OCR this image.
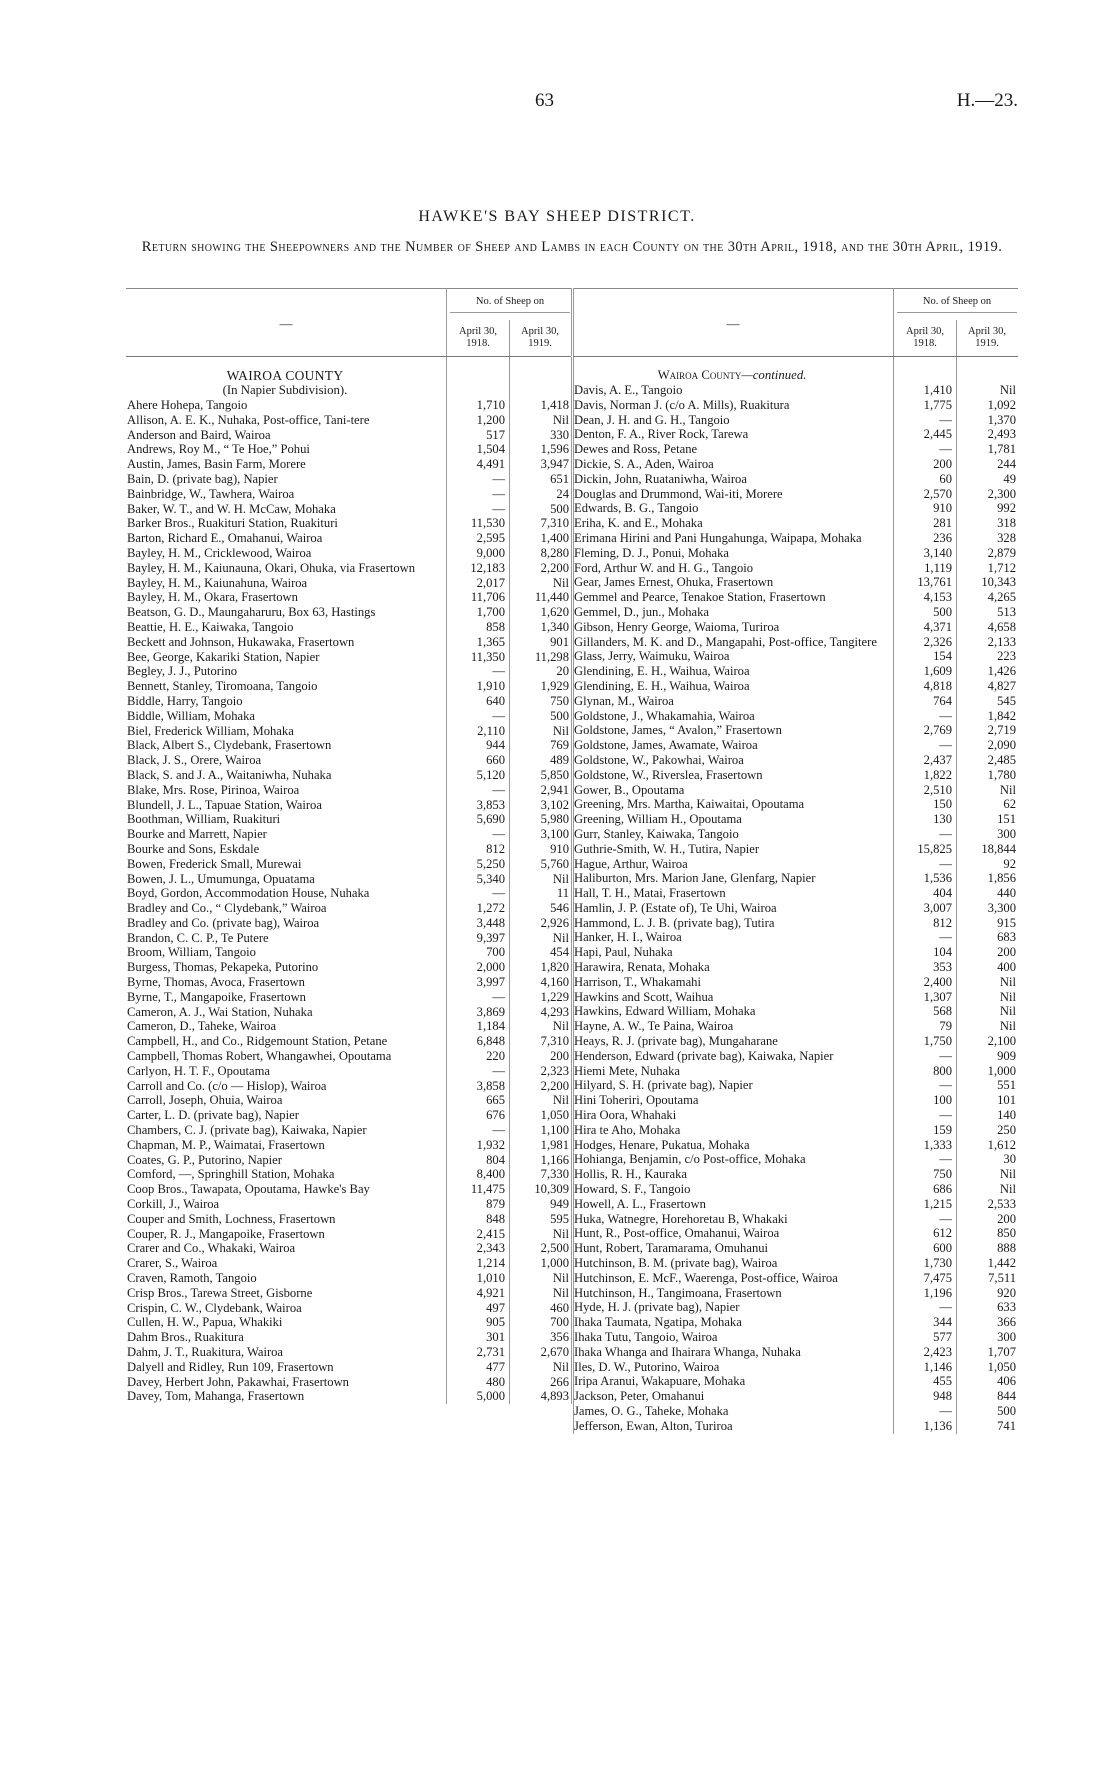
63	H.—23.
HAWKE'S BAY SHEEP DISTRICT.
Return showing the Sheepowners and the Number of Sheep and Lambs in each County on the 30th April, 1918, and the 30th April, 1919.
—
No. of Sheep on
April 30, 1918.
April 30, 1919.
WAIROA COUNTY
(In Napier Subdivision).
Ahere Hohepa, Tangoio	1,710	1,418
Allison, A. E. K., Nuhaka, Post-office, Tani-tere	1,200	Nil
Anderson and Baird, Wairoa	517	330
Andrews, Roy M., “ Te Hoe,” Pohui	1,504	1,596
Austin, James, Basin Farm, Morere	4,491	3,947
Bain, D. (private bag), Napier	—	651
Bainbridge, W., Tawhera, Wairoa	—	24
Baker, W. T., and W. H. McCaw, Mohaka	—	500
Barker Bros., Ruakituri Station, Ruakituri	11,530	7,310
Barton, Richard E., Omahanui, Wairoa	2,595	1,400
Bayley, H. M., Cricklewood, Wairoa	9,000	8,280
Bayley, H. M., Kaiunauna, Okari, Ohuka, via Frasertown	12,183	2,200
Bayley, H. M., Kaiunahuna, Wairoa	2,017	Nil
Bayley, H. M., Okara, Frasertown	11,706	11,440
Beatson, G. D., Maungaharuru, Box 63, Hastings	1,700	1,620
Beattie, H. E., Kaiwaka, Tangoio	858	1,340
Beckett and Johnson, Hukawaka, Frasertown	1,365	901
Bee, George, Kakariki Station, Napier	11,350	11,298
Begley, J. J., Putorino	—	20
Bennett, Stanley, Tiromoana, Tangoio	1,910	1,929
Biddle, Harry, Tangoio	640	750
Biddle, William, Mohaka	—	500
Biel, Frederick William, Mohaka	2,110	Nil
Black, Albert S., Clydebank, Frasertown	944	769
Black, J. S., Orere, Wairoa	660	489
Black, S. and J. A., Waitaniwha, Nuhaka	5,120	5,850
Blake, Mrs. Rose, Pirinoa, Wairoa	—	2,941
Blundell, J. L., Tapuae Station, Wairoa	3,853	3,102
Boothman, William, Ruakituri	5,690	5,980
Bourke and Marrett, Napier	—	3,100
Bourke and Sons, Eskdale	812	910
Bowen, Frederick Small, Murewai	5,250	5,760
Bowen, J. L., Umumunga, Opuatama	5,340	Nil
Boyd, Gordon, Accommodation House, Nuhaka	—	11
Bradley and Co., “ Clydebank,” Wairoa	1,272	546
Bradley and Co. (private bag), Wairoa	3,448	2,926
Brandon, C. C. P., Te Putere	9,397	Nil
Broom, William, Tangoio	700	454
Burgess, Thomas, Pekapeka, Putorino	2,000	1,820
Byrne, Thomas, Avoca, Frasertown	3,997	4,160
Byrne, T., Mangapoike, Frasertown	—	1,229
Cameron, A. J., Wai Station, Nuhaka	3,869	4,293
Cameron, D., Taheke, Wairoa	1,184	Nil
Campbell, H., and Co., Ridgemount Station, Petane	6,848	7,310
Campbell, Thomas Robert, Whangawhei, Opoutama	220	200
Carlyon, H. T. F., Opoutama	—	2,323
Carroll and Co. (c/o — Hislop), Wairoa	3,858	2,200
Carroll, Joseph, Ohuia, Wairoa	665	Nil
Carter, L. D. (private bag), Napier	676	1,050
Chambers, C. J. (private bag), Kaiwaka, Napier	—	1,100
Chapman, M. P., Waimatai, Frasertown	1,932	1,981
Coates, G. P., Putorino, Napier	804	1,166
Comford, —, Springhill Station, Mohaka	8,400	7,330
Coop Bros., Tawapata, Opoutama, Hawke's Bay	11,475	10,309
Corkill, J., Wairoa	879	949
Couper and Smith, Lochness, Frasertown	848	595
Couper, R. J., Mangapoike, Frasertown	2,415	Nil
Crarer and Co., Whakaki, Wairoa	2,343	2,500
Crarer, S., Wairoa	1,214	1,000
Craven, Ramoth, Tangoio	1,010	Nil
Crisp Bros., Tarewa Street, Gisborne	4,921	Nil
Crispin, C. W., Clydebank, Wairoa	497	460
Cullen, H. W., Papua, Whakiki	905	700
Dahm Bros., Ruakitura	301	356
Dahm, J. T., Ruakitura, Wairoa	2,731	2,670
Dalyell and Ridley, Run 109, Frasertown	477	Nil
Davey, Herbert John, Pakawhai, Frasertown	480	266
Davey, Tom, Mahanga, Frasertown	5,000	4,893
—
No. of Sheep on
April 30, 1918.
April 30, 1919.
Wairoa County—continued.
Davis, A. E., Tangoio	1,410	Nil
Davis, Norman J. (c/o A. Mills), Ruakitura	1,775	1,092
Dean, J. H. and G. H., Tangoio	—	1,370
Denton, F. A., River Rock, Tarewa	2,445	2,493
Dewes and Ross, Petane	—	1,781
Dickie, S. A., Aden, Wairoa	200	244
Dickin, John, Ruataniwha, Wairoa	60	49
Douglas and Drummond, Wai-iti, Morere	2,570	2,300
Edwards, B. G., Tangoio	910	992
Eriha, K. and E., Mohaka	281	318
Erimana Hirini and Pani Hungahunga, Waipapa, Mohaka	236	328
Fleming, D. J., Ponui, Mohaka	3,140	2,879
Ford, Arthur W. and H. G., Tangoio	1,119	1,712
Gear, James Ernest, Ohuka, Frasertown	13,761	10,343
Gemmel and Pearce, Tenakoe Station, Frasertown	4,153	4,265
Gemmel, D., jun., Mohaka	500	513
Gibson, Henry George, Waioma, Turiroa	4,371	4,658
Gillanders, M. K. and D., Mangapahi, Post-office, Tangitere	2,326	2,133
Glass, Jerry, Waimuku, Wairoa	154	223
Glendining, E. H., Waihua, Wairoa	1,609	1,426
Glendining, E. H., Waihua, Wairoa	4,818	4,827
Glynan, M., Wairoa	764	545
Goldstone, J., Whakamahia, Wairoa	—	1,842
Goldstone, James, “ Avalon,” Frasertown	2,769	2,719
Goldstone, James, Awamate, Wairoa	—	2,090
Goldstone, W., Pakowhai, Wairoa	2,437	2,485
Goldstone, W., Riverslea, Frasertown	1,822	1,780
Gower, B., Opoutama	2,510	Nil
Greening, Mrs. Martha, Kaiwaitai, Opoutama	150	62
Greening, William H., Opoutama	130	151
Gurr, Stanley, Kaiwaka, Tangoio	—	300
Guthrie-Smith, W. H., Tutira, Napier	15,825	18,844
Hague, Arthur, Wairoa	—	92
Haliburton, Mrs. Marion Jane, Glenfarg, Napier	1,536	1,856
Hall, T. H., Matai, Frasertown	404	440
Hamlin, J. P. (Estate of), Te Uhi, Wairoa	3,007	3,300
Hammond, L. J. B. (private bag), Tutira	812	915
Hanker, H. I., Wairoa	—	683
Hapi, Paul, Nuhaka	104	200
Harawira, Renata, Mohaka	353	400
Harrison, T., Whakamahi	2,400	Nil
Hawkins and Scott, Waihua	1,307	Nil
Hawkins, Edward William, Mohaka	568	Nil
Hayne, A. W., Te Paina, Wairoa	79	Nil
Heays, R. J. (private bag), Mungaharane	1,750	2,100
Henderson, Edward (private bag), Kaiwaka, Napier	—	909
Hiemi Mete, Nuhaka	800	1,000
Hilyard, S. H. (private bag), Napier	—	551
Hini Toheriri, Opoutama	100	101
Hira Oora, Whahaki	—	140
Hira te Aho, Mohaka	159	250
Hodges, Henare, Pukatua, Mohaka	1,333	1,612
Hohianga, Benjamin, c/o Post-office, Mohaka	—	30
Hollis, R. H., Kauraka	750	Nil
Howard, S. F., Tangoio	686	Nil
Howell, A. L., Frasertown	1,215	2,533
Huka, Watnegre, Horehoretau B, Whakaki	—	200
Hunt, R., Post-office, Omahanui, Wairoa	612	850
Hunt, Robert, Taramarama, Omuhanui	600	888
Hutchinson, B. M. (private bag), Wairoa	1,730	1,442
Hutchinson, E. McF., Waerenga, Post-office, Wairoa	7,475	7,511
Hutchinson, H., Tangimoana, Frasertown	1,196	920
Hyde, H. J. (private bag), Napier	—	633
Ihaka Taumata, Ngatipa, Mohaka	344	366
Ihaka Tutu, Tangoio, Wairoa	577	300
Ihaka Whanga and Ihairara Whanga, Nuhaka	2,423	1,707
Iles, D. W., Putorino, Wairoa	1,146	1,050
Iripa Aranui, Wakapuare, Mohaka	455	406
Jackson, Peter, Omahanui	948	844
James, O. G., Taheke, Mohaka	—	500
Jefferson, Ewan, Alton, Turiroa	1,136	741
